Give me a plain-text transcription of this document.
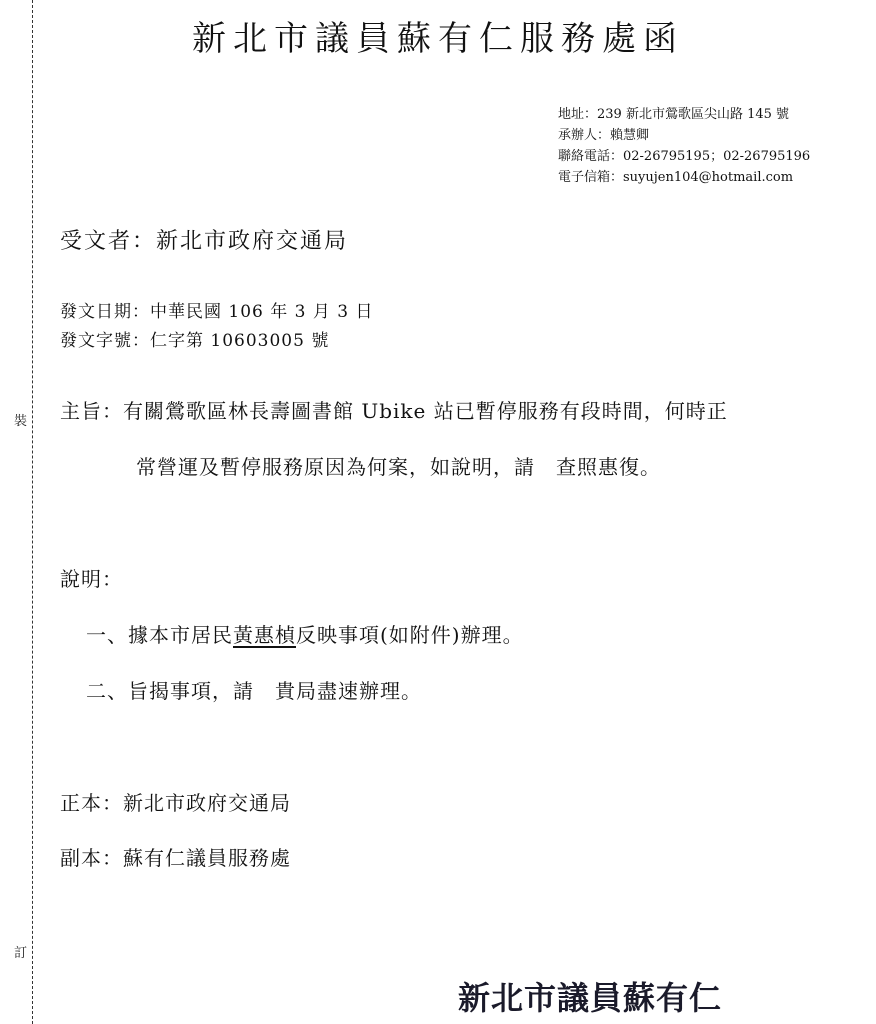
裝
訂
新北市議員蘇有仁服務處函
地址：239 新北市鶯歌區尖山路 145 號
承辦人：賴慧卿
聯絡電話：02-26795195；02-26795196
電子信箱：suyujen104@hotmail.com
受文者：新北市政府交通局
發文日期：中華民國 106 年 3 月 3 日
發文字號：仁字第 10603005 號
主旨：有關鶯歌區林長壽圖書館 Ubike 站已暫停服務有段時間，何時正
常營運及暫停服務原因為何案，如說明，請　查照惠復。
說明：
一、據本市居民黃惠楨反映事項(如附件)辦理。
二、旨揭事項，請　貴局盡速辦理。
正本：新北市政府交通局
副本：蘇有仁議員服務處
新北市議員蘇有仁
